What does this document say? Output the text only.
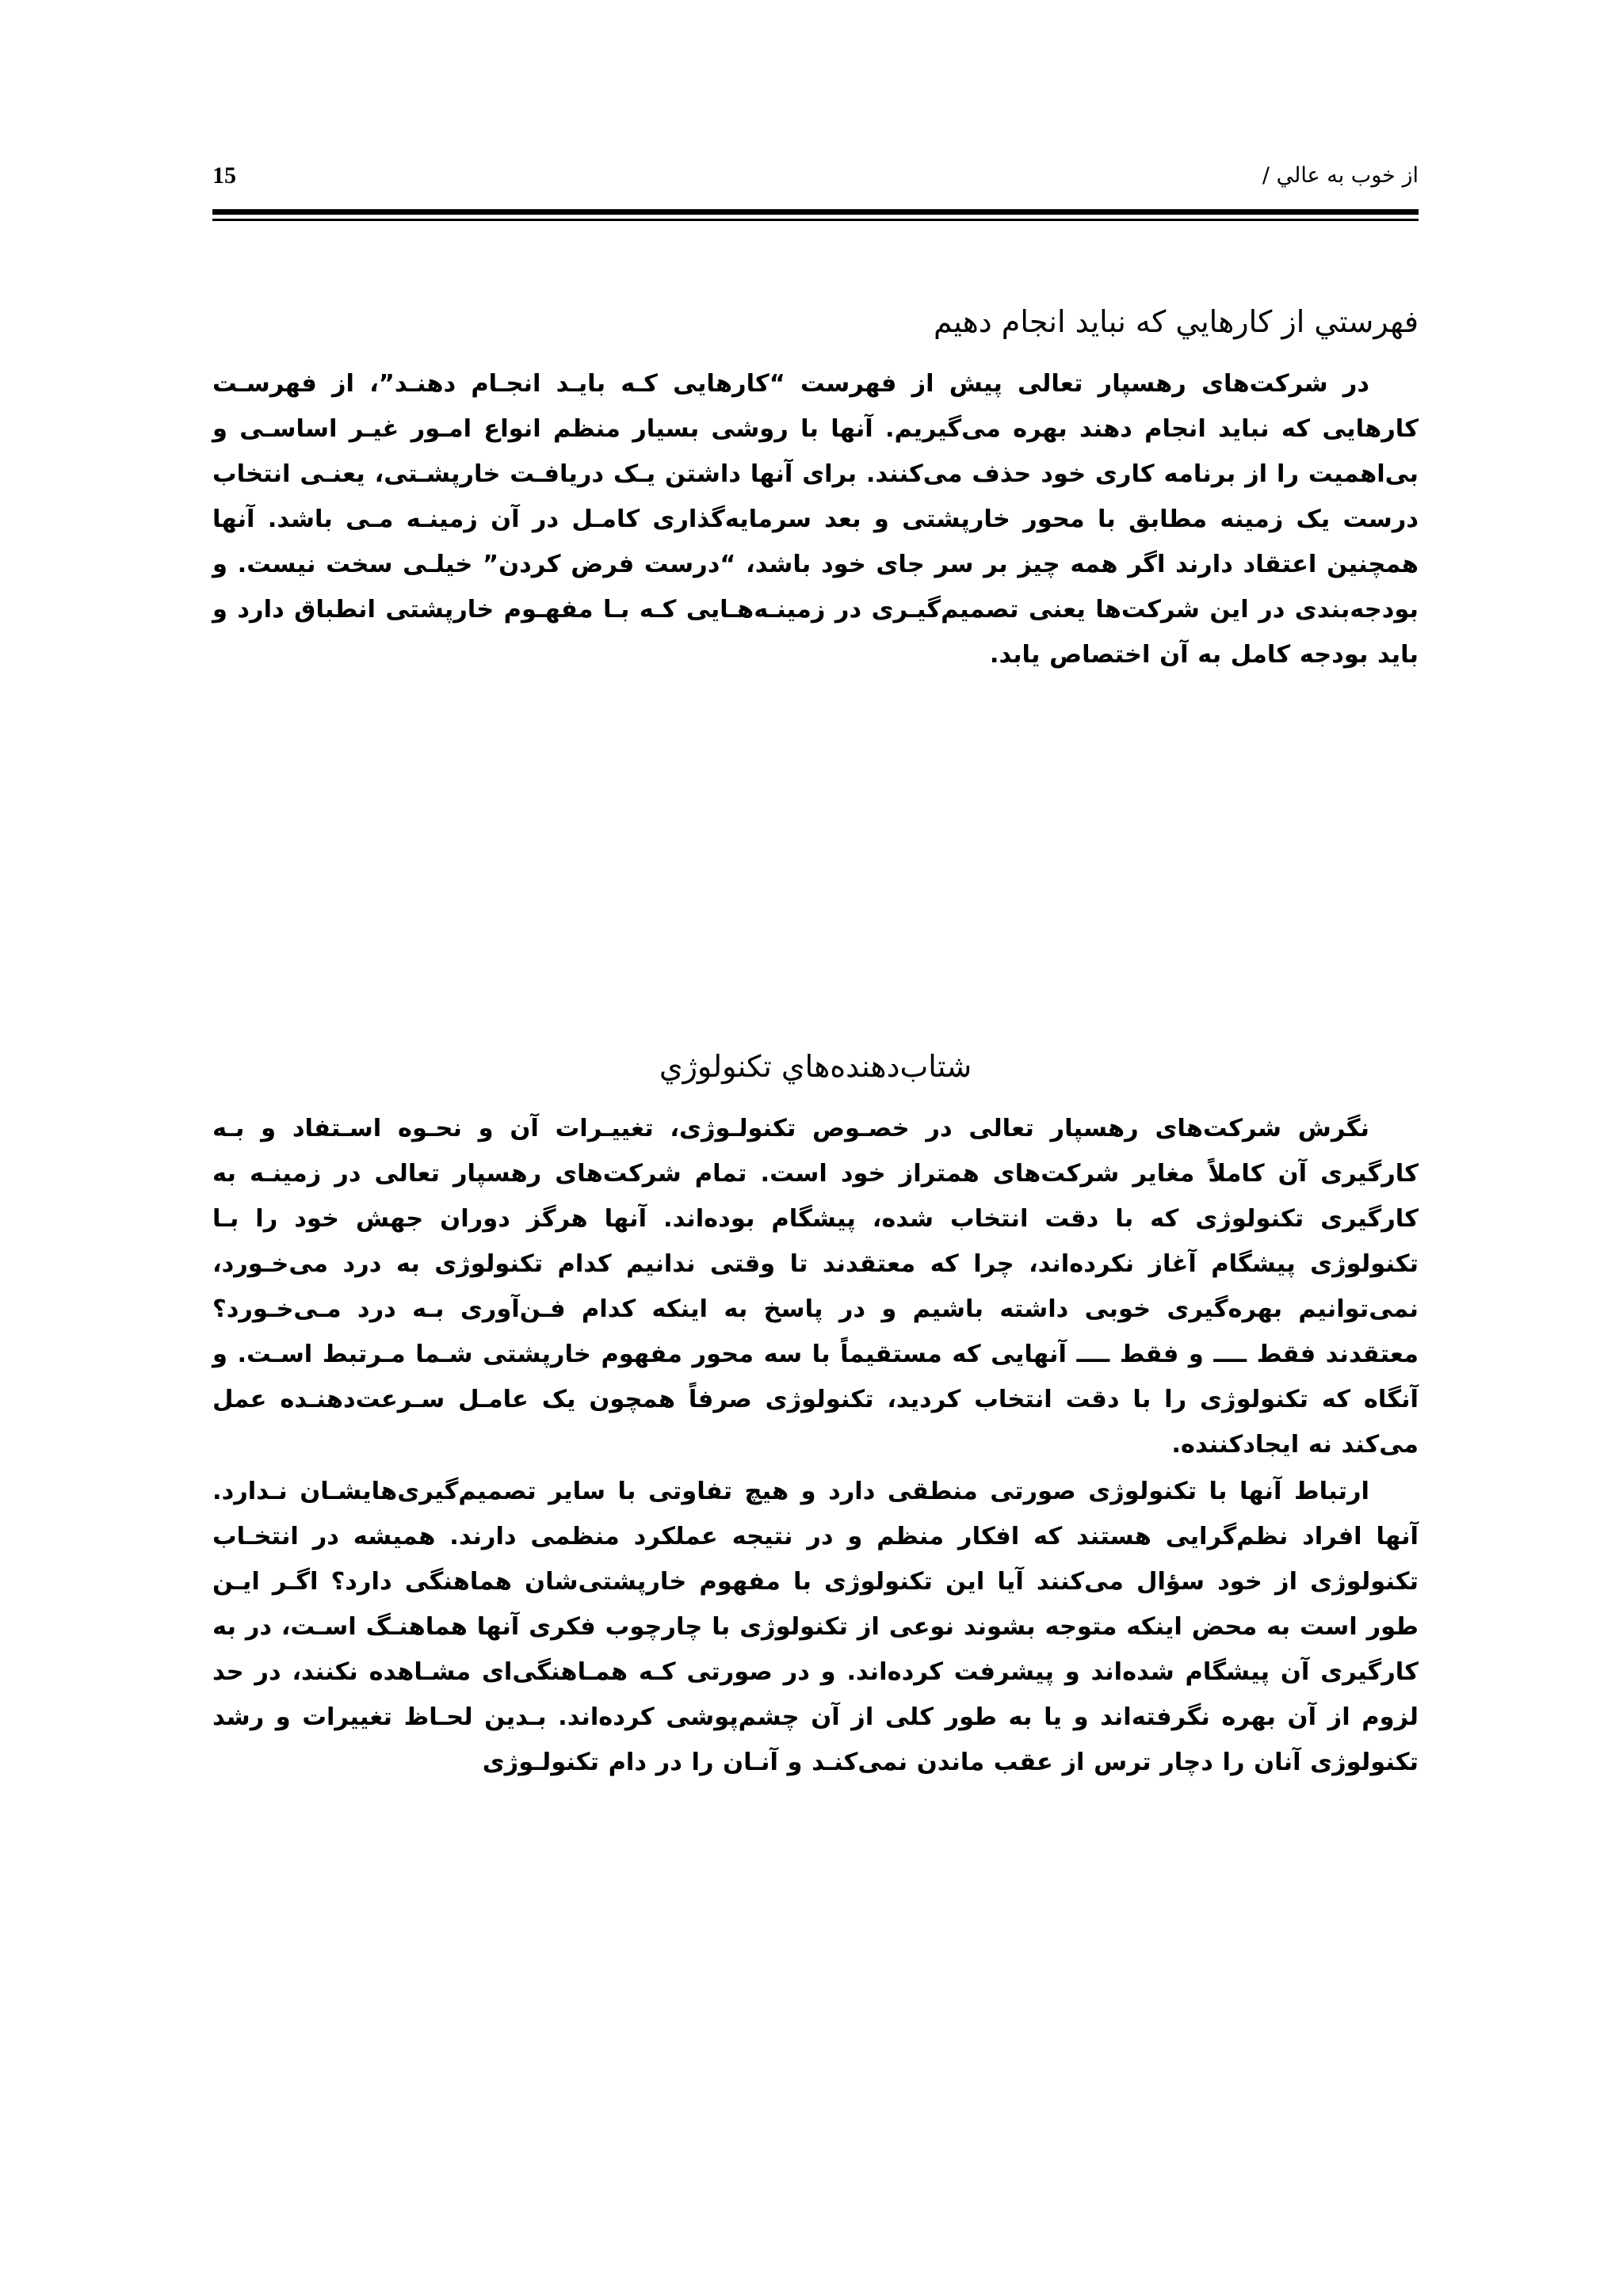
15	از خوب به عالي /
فهرستي از كارهايي كه نبايد انجام دهيم

در شرکت‌های رهسپار تعالی پیش از فهرست “کارهایی کـه بایـد انجـام دهنـد”، از فهرسـت کارهایی که نباید انجام دهند بهره می‌گیریم. آنها با روشی بسیار منظم انواع امـور غیـر اساسـی و بی‌اهمیت را از برنامه کاری خود حذف می‌کنند. برای آنها داشتن یـک دریافـت خارپشـتی، یعنـی انتخاب درست یک زمینه مطابق با محور خارپشتی و بعد سرمایه‌گذاری کامـل در آن زمینـه مـی باشد. آنها همچنین اعتقاد دارند اگر همه چیز بر سر جای خود باشد، “درست فرض کردن” خیلـی سخت نیست. و بودجه‌بندی در این شرکت‌ها یعنی تصمیم‌گیـری در زمینـه‌هـایی کـه بـا مفهـوم خارپشتی انطباق دارد و باید بودجه کامل به آن اختصاص یابد.

شتاب‌دهنده‌هاي تكنولوژي

نگرش شرکت‌های رهسپار تعالی در خصـوص تکنولـوژی، تغییـرات آن و نحـوه اسـتفاد و بـه کارگیری آن کاملاً مغایر شرکت‌های همتراز خود است. تمام شرکت‌های رهسپار تعالی در زمینـه به کارگیری تکنولوژی که با دقت انتخاب شده، پیشگام بوده‌اند. آنها هرگز دوران جهش خود را بـا تکنولوژی پیشگام آغاز نکرده‌اند، چرا که معتقدند تا وقتی ندانیم کدام تکنولوژی به درد می‌خـورد، نمی‌توانیم بهره‌گیری خوبی داشته باشیم و در پاسخ به اینکه کدام فـن‌آوری بـه درد مـی‌خـورد؟ معتقدند فقط ــــ و فقط ــــ آنهایی که مستقیماً با سه محور مفهوم خارپشتی شـما مـرتبط اسـت. و آنگاه که تکنولوژی را با دقت انتخاب کردید، تکنولوژی صرفاً همچون یک عامـل سـرعت‌دهنـده عمل می‌کند نه ایجادکننده.

ارتباط آنها با تکنولوژی صورتی منطقی دارد و هیچ تفاوتی با سایر تصمیم‌گیری‌هایشـان نـدارد. آنها افراد نظم‌گرایی هستند که افکار منظم و در نتیجه عملکرد منظمی دارند. همیشه در انتخـاب تکنولوژی از خود سؤال می‌کنند آیا این تکنولوژی با مفهوم خارپشتی‌شان هماهنگی دارد؟ اگـر ایـن طور است به محض اینکه متوجه بشوند نوعی از تکنولوژی با چارچوب فکری آنها هماهنـگ اسـت، در به کارگیری آن پیشگام شده‌اند و پیشرفت کرده‌اند. و در صورتی کـه همـاهنگی‌ای مشـاهده نکنند، در حد لزوم از آن بهره نگرفته‌اند و یا به طور کلی از آن چشم‌پوشی کرده‌اند. بـدین لحـاظ تغییرات و رشد تکنولوژی آنان را دچار ترس از عقب ماندن نمی‌کنـد و آنـان را در دام تکنولـوژی
